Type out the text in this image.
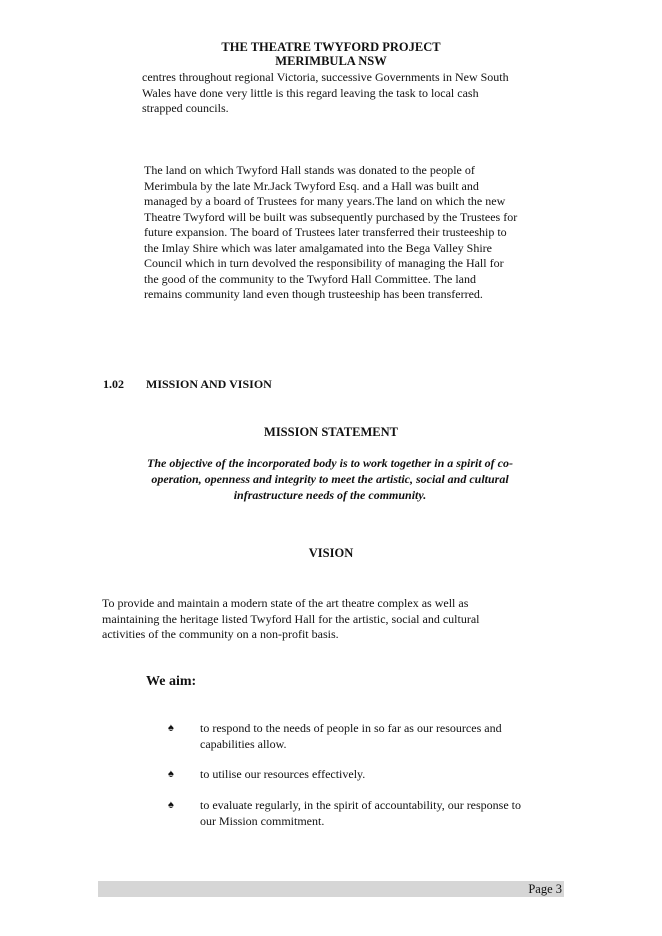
THE THEATRE TWYFORD PROJECT
MERIMBULA NSW
centres throughout regional Victoria, successive Governments in New South
Wales have done very little is this regard leaving the task to local cash
strapped councils.
The land on which Twyford Hall stands was donated to the people of
Merimbula by the late Mr.Jack Twyford Esq. and a Hall was built and
managed by a board of Trustees for many years.The land on which the new
Theatre Twyford will be built was subsequently purchased by the Trustees for
future expansion. The board of Trustees later transferred their trusteeship to
the Imlay Shire which was later amalgamated into the Bega Valley Shire
Council which in turn devolved the responsibility of managing the Hall for
the good of the community to the Twyford Hall Committee. The land
remains community land even though trusteeship has been transferred.
1.02 MISSION AND VISION
MISSION STATEMENT
The objective of the incorporated body is to work together in a spirit of co-
operation, openness and integrity to meet the artistic, social and cultural
infrastructure needs of the community.
VISION
To provide and maintain a modern state of the art theatre complex as well as
maintaining the heritage listed Twyford Hall for the artistic, social and cultural
activities of the community on a non-profit basis.
We aim:
♠ to respond to the needs of people in so far as our resources and
capabilities allow.
♠ to utilise our resources effectively.
♠ to evaluate regularly, in the spirit of accountability, our response to
our Mission commitment.
Page 3
